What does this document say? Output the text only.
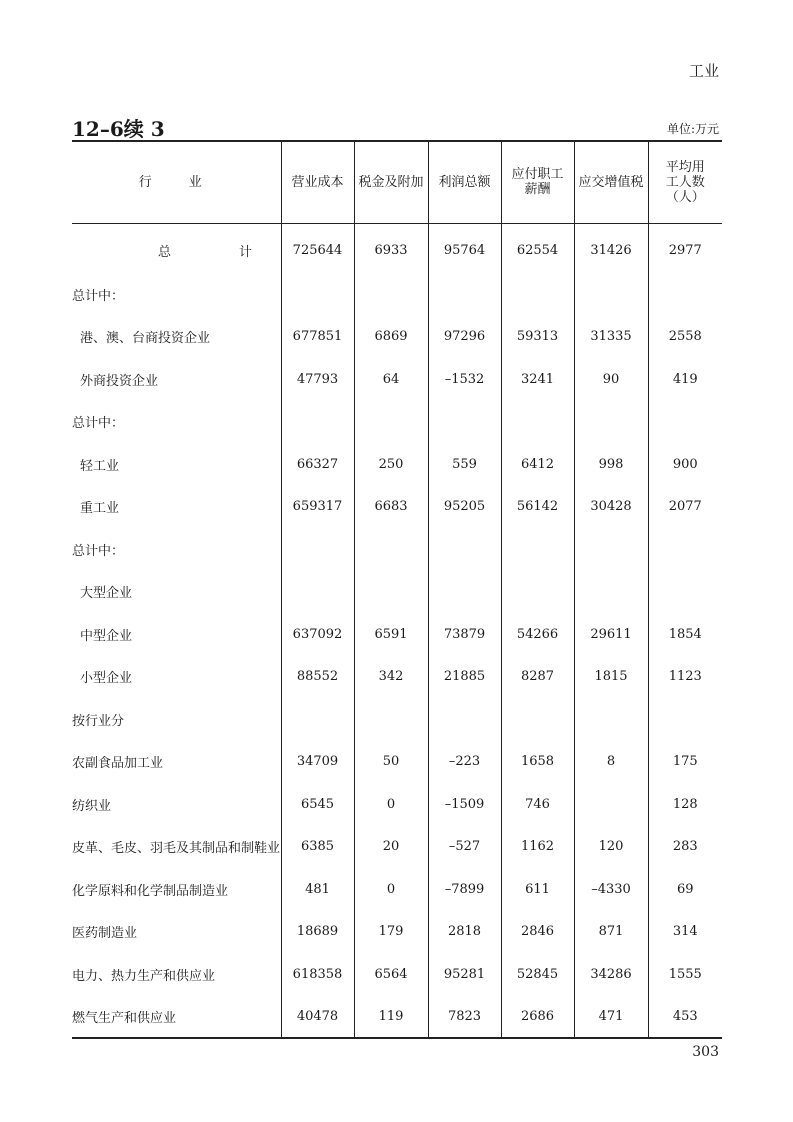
工业
12–6续 3	单位:万元
行　业	营业成本	税金及附加	利润总额	应付职工薪酬	应交增值税	平均用工人数（人）
总　　计	725644	6933	95764	62554	31426	2977
总计中：						
港、澳、台商投资企业	677851	6869	97296	59313	31335	2558
外商投资企业	47793	64	–1532	3241	90	419
总计中：						
轻工业	66327	250	559	6412	998	900
重工业	659317	6683	95205	56142	30428	2077
总计中：						
大型企业						
中型企业	637092	6591	73879	54266	29611	1854
小型企业	88552	342	21885	8287	1815	1123
按行业分						
农副食品加工业	34709	50	–223	1658	8	175
纺织业	6545	0	–1509	746		128
皮革、毛皮、羽毛及其制品和制鞋业	6385	20	–527	1162	120	283
化学原料和化学制品制造业	481	0	–7899	611	–4330	69
医药制造业	18689	179	2818	2846	871	314
电力、热力生产和供应业	618358	6564	95281	52845	34286	1555
燃气生产和供应业	40478	119	7823	2686	471	453
303
